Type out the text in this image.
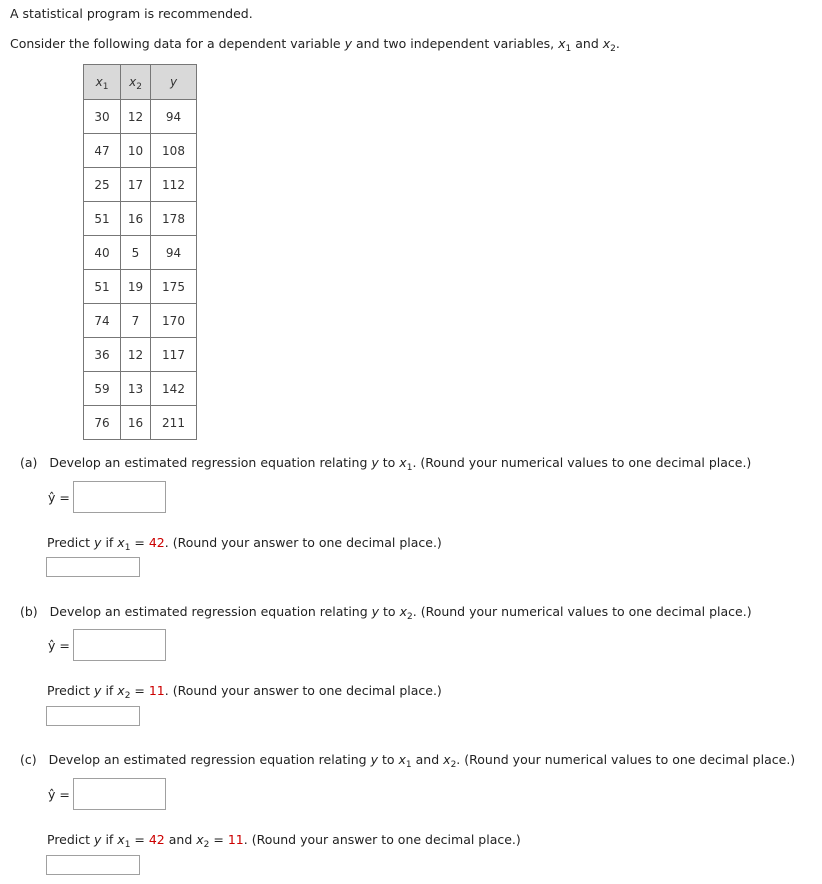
A statistical program is recommended.
Consider the following data for a dependent variable y and two independent variables, $x_1$ and $x_2$.
$x_1$	$x_2$	y
30	12	94
47	10	108
25	17	112
51	16	178
40	5	94
51	19	175
74	7	170
36	12	117
59	13	142
76	16	211
(a) Develop an estimated regression equation relating y to $x_1$. (Round your numerical values to one decimal place.)
ŷ =
Predict y if $x_1 = 42$. (Round your answer to one decimal place.)
(b) Develop an estimated regression equation relating y to $x_2$. (Round your numerical values to one decimal place.)
ŷ =
Predict y if $x_2 = 11$. (Round your answer to one decimal place.)
(c) Develop an estimated regression equation relating y to $x_1$ and $x_2$. (Round your numerical values to one decimal place.)
ŷ =
Predict y if $x_1 = 42$ and $x_2 = 11$. (Round your answer to one decimal place.)
